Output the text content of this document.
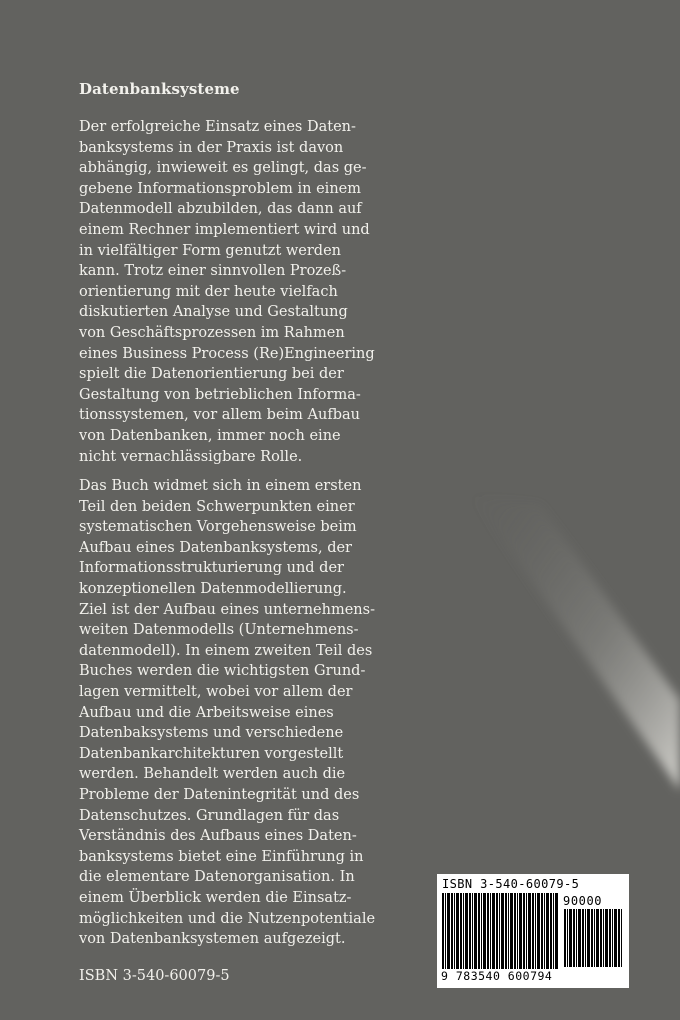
Datenbanksysteme

Der erfolgreiche Einsatz eines Daten-
banksystems in der Praxis ist davon
abhängig, inwieweit es gelingt, das ge-
gebene Informationsproblem in einem
Datenmodell abzubilden, das dann auf
einem Rechner implementiert wird und
in vielfältiger Form genutzt werden
kann. Trotz einer sinnvollen Prozeß-
orientierung mit der heute vielfach
diskutierten Analyse und Gestaltung
von Geschäftsprozessen im Rahmen
eines Business Process (Re)Engineering
spielt die Datenorientierung bei der
Gestaltung von betrieblichen Informa-
tionssystemen, vor allem beim Aufbau
von Datenbanken, immer noch eine
nicht vernachlässigbare Rolle.

Das Buch widmet sich in einem ersten
Teil den beiden Schwerpunkten einer
systematischen Vorgehensweise beim
Aufbau eines Datenbanksystems, der
Informationsstrukturierung und der
konzeptionellen Datenmodellierung.
Ziel ist der Aufbau eines unternehmens-
weiten Datenmodells (Unternehmens-
datenmodell). In einem zweiten Teil des
Buches werden die wichtigsten Grund-
lagen vermittelt, wobei vor allem der
Aufbau und die Arbeitsweise eines
Datenbaksystems und verschiedene
Datenbankarchitekturen vorgestellt
werden. Behandelt werden auch die
Probleme der Datenintegrität und des
Datenschutzes. Grundlagen für das
Verständnis des Aufbaus eines Daten-
banksystems bietet eine Einführung in
die elementare Datenorganisation. In
einem Überblick werden die Einsatz-
möglichkeiten und die Nutzenpotentiale
von Datenbanksystemen aufgezeigt.

ISBN 3-540-60079-5
ISBN 3-540-60079-5
90000
9 783540 600794
